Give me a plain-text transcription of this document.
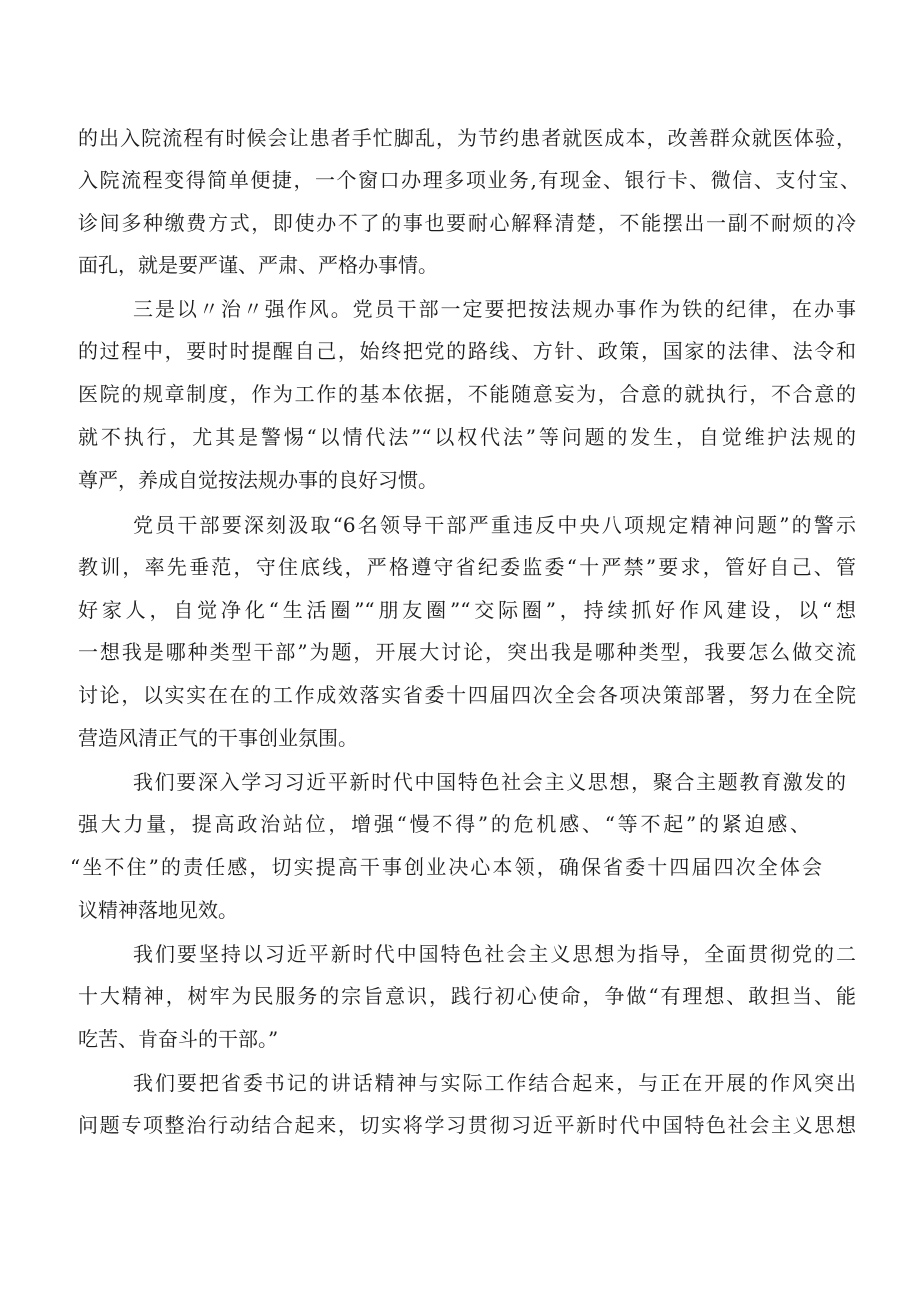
的出入院流程有时候会让患者手忙脚乱，为节约患者就医成本，改善群众就医体验，

入院流程变得简单便捷，一个窗口办理多项业务,有现金、银行卡、微信、支付宝、

诊间多种缴费方式，即使办不了的事也要耐心解释清楚，不能摆出一副不耐烦的冷

面孔，就是要严谨、严肃、严格办事情。

三是以〃治〃强作风。党员干部一定要把按法规办事作为铁的纪律，在办事

的过程中，要时时提醒自己，始终把党的路线、方针、政策，国家的法律、法令和

医院的规章制度，作为工作的基本依据，不能随意妄为，合意的就执行，不合意的

就不执行，尤其是警惕“以情代法”“以权代法”等问题的发生，自觉维护法规的

尊严，养成自觉按法规办事的良好习惯。

党员干部要深刻汲取“6名领导干部严重违反中央八项规定精神问题”的警示

教训，率先垂范，守住底线，严格遵守省纪委监委“十严禁”要求，管好自己、管

好家人，自觉净化“生活圈”“朋友圈”“交际圈”，持续抓好作风建设，以“想

一想我是哪种类型干部”为题，开展大讨论，突出我是哪种类型，我要怎么做交流

讨论，以实实在在的工作成效落实省委十四届四次全会各项决策部署，努力在全院

营造风清正气的干事创业氛围。

我们要深入学习习近平新时代中国特色社会主义思想，聚合主题教育激发的

强大力量，提高政治站位，增强“慢不得”的危机感、“等不起”的紧迫感、

“坐不住”的责任感，切实提高干事创业决心本领，确保省委十四届四次全体会

议精神落地见效。

我们要坚持以习近平新时代中国特色社会主义思想为指导，全面贯彻党的二

十大精神，树牢为民服务的宗旨意识，践行初心使命，争做“有理想、敢担当、能

吃苦、肯奋斗的干部。”

我们要把省委书记的讲话精神与实际工作结合起来，与正在开展的作风突出

问题专项整治行动结合起来，切实将学习贯彻习近平新时代中国特色社会主义思想
